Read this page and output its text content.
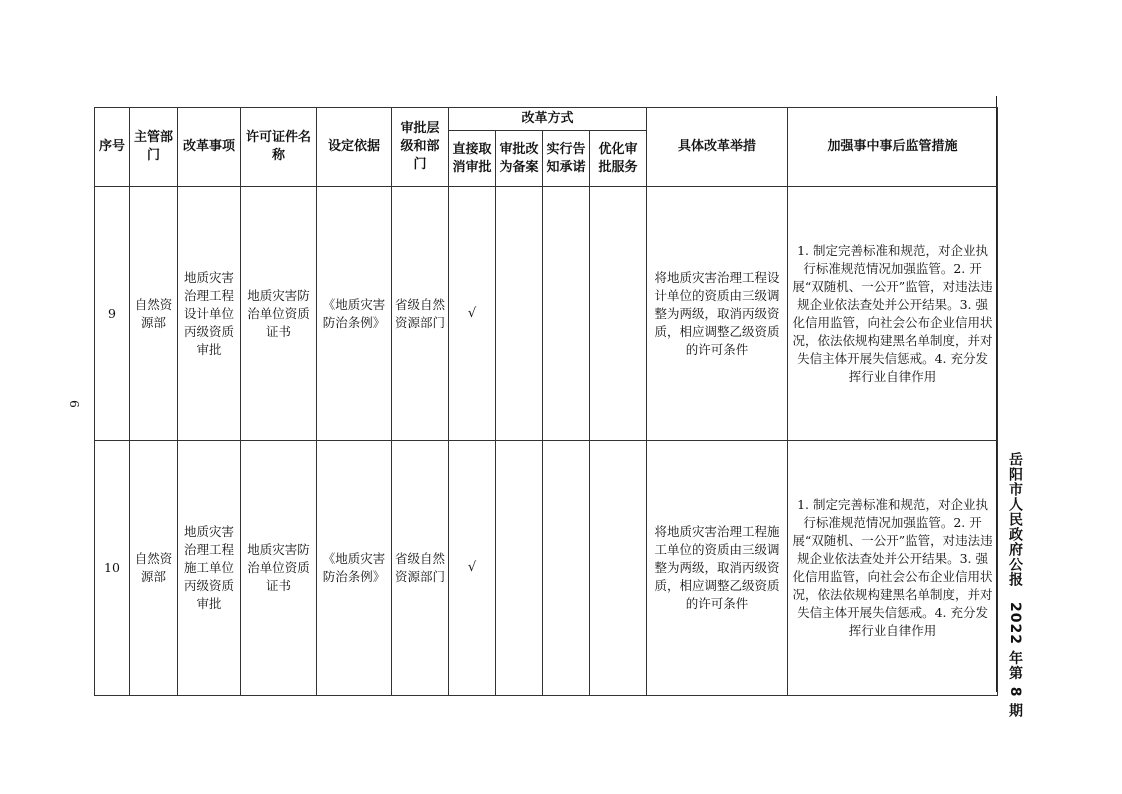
6
岳阳市人民政府公报　2022 年第 8 期
序号	主管部门	改革事项	许可证件名称	设定依据	审批层级和部门	改革方式				具体改革举措	加强事中事后监管措施
						直接取消审批	审批改为备案	实行告知承诺	优化审批服务		
9	自然资源部	地质灾害治理工程设计单位丙级资质审批	地质灾害防治单位资质证书	《地质灾害防治条例》	省级自然资源部门	√				将地质灾害治理工程设计单位的资质由三级调整为两级，取消丙级资质，相应调整乙级资质的许可条件	1. 制定完善标准和规范，对企业执行标准规范情况加强监管。2. 开展“双随机、一公开”监管，对违法违规企业依法查处并公开结果。3. 强化信用监管，向社会公布企业信用状况，依法依规构建黑名单制度，并对失信主体开展失信惩戒。4. 充分发挥行业自律作用
10	自然资源部	地质灾害治理工程施工单位丙级资质审批	地质灾害防治单位资质证书	《地质灾害防治条例》	省级自然资源部门	√				将地质灾害治理工程施工单位的资质由三级调整为两级，取消丙级资质，相应调整乙级资质的许可条件	1. 制定完善标准和规范，对企业执行标准规范情况加强监管。2. 开展“双随机、一公开”监管，对违法违规企业依法查处并公开结果。3. 强化信用监管，向社会公布企业信用状况，依法依规构建黑名单制度，并对失信主体开展失信惩戒。4. 充分发挥行业自律作用
